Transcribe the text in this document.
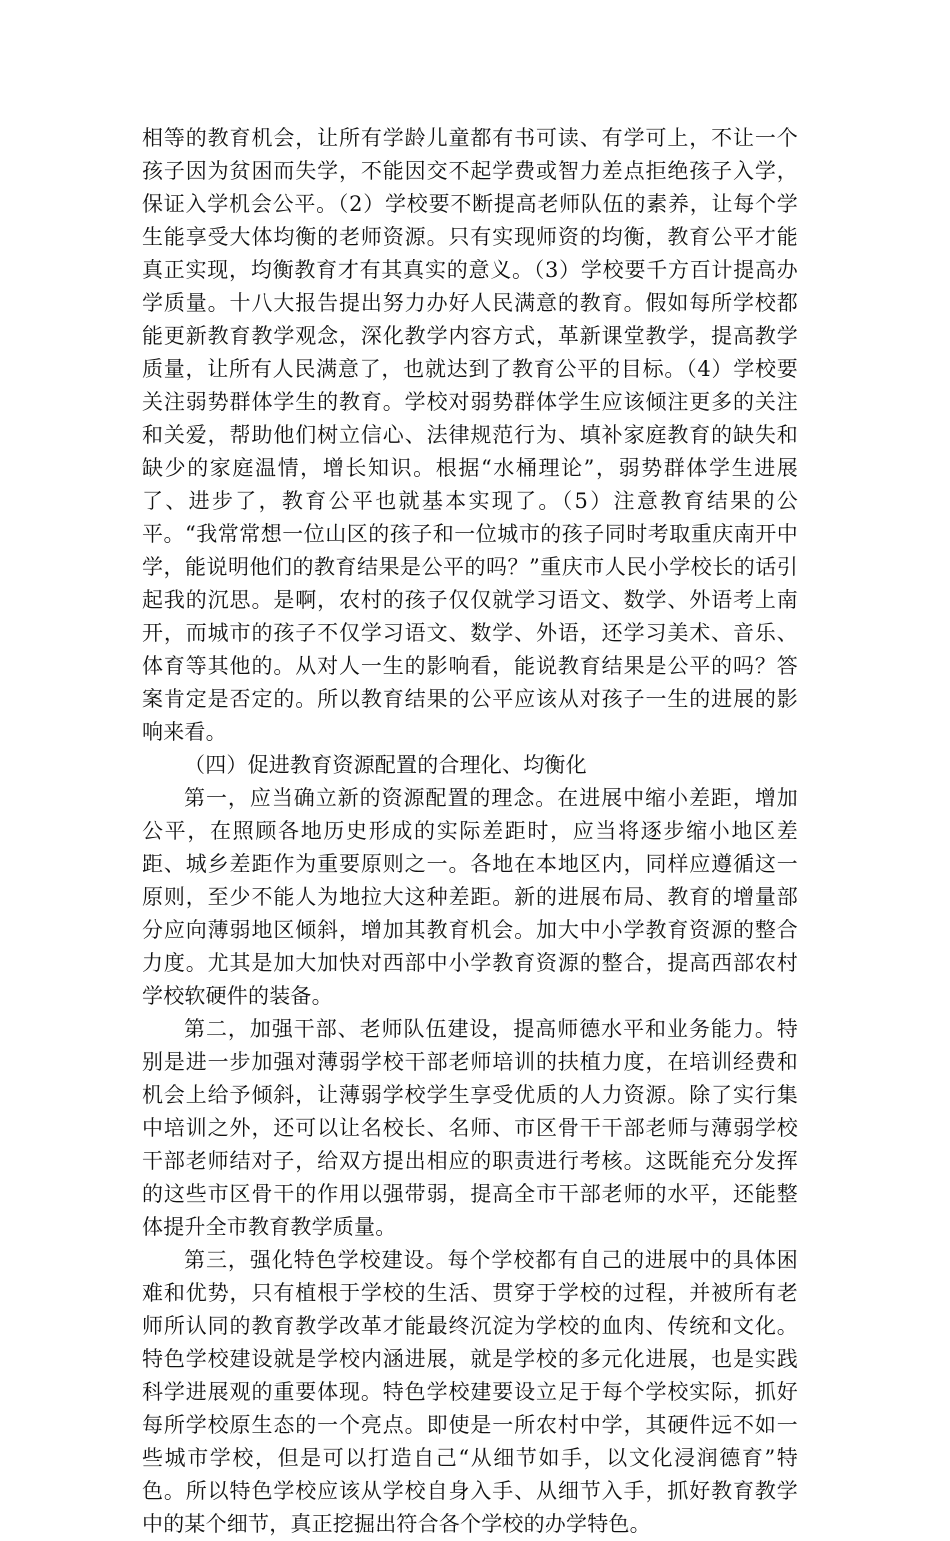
相等的教育机会，让所有学龄儿童都有书可读、有学可上，不让一个孩子因为贫困而失学，不能因交不起学费或智力差点拒绝孩子入学，保证入学机会公平。（2）学校要不断提高老师队伍的素养，让每个学生能享受大体均衡的老师资源。只有实现师资的均衡，教育公平才能真正实现，均衡教育才有其真实的意义。（3）学校要千方百计提高办学质量。十八大报告提出努力办好人民满意的教育。假如每所学校都能更新教育教学观念，深化教学内容方式，革新课堂教学，提高教学质量，让所有人民满意了，也就达到了教育公平的目标。（4）学校要关注弱势群体学生的教育。学校对弱势群体学生应该倾注更多的关注和关爱，帮助他们树立信心、法律规范行为、填补家庭教育的缺失和缺少的家庭温情，增长知识。根据“水桶理论”，弱势群体学生进展了、进步了，教育公平也就基本实现了。（5）注意教育结果的公平。“我常常想一位山区的孩子和一位城市的孩子同时考取重庆南开中学，能说明他们的教育结果是公平的吗？”重庆市人民小学校长的话引起我的沉思。是啊，农村的孩子仅仅就学习语文、数学、外语考上南开，而城市的孩子不仅学习语文、数学、外语，还学习美术、音乐、体育等其他的。从对人一生的影响看，能说教育结果是公平的吗？答案肯定是否定的。所以教育结果的公平应该从对孩子一生的进展的影响来看。

（四）促进教育资源配置的合理化、均衡化

第一，应当确立新的资源配置的理念。在进展中缩小差距，增加公平，在照顾各地历史形成的实际差距时，应当将逐步缩小地区差距、城乡差距作为重要原则之一。各地在本地区内，同样应遵循这一原则，至少不能人为地拉大这种差距。新的进展布局、教育的增量部分应向薄弱地区倾斜，增加其教育机会。加大中小学教育资源的整合力度。尤其是加大加快对西部中小学教育资源的整合，提高西部农村学校软硬件的装备。

第二，加强干部、老师队伍建设，提高师德水平和业务能力。特别是进一步加强对薄弱学校干部老师培训的扶植力度，在培训经费和机会上给予倾斜，让薄弱学校学生享受优质的人力资源。除了实行集中培训之外，还可以让名校长、名师、市区骨干干部老师与薄弱学校干部老师结对子，给双方提出相应的职责进行考核。这既能充分发挥的这些市区骨干的作用以强带弱，提高全市干部老师的水平，还能整体提升全市教育教学质量。

第三，强化特色学校建设。每个学校都有自己的进展中的具体困难和优势，只有植根于学校的生活、贯穿于学校的过程，并被所有老师所认同的教育教学改革才能最终沉淀为学校的血肉、传统和文化。特色学校建设就是学校内涵进展，就是学校的多元化进展，也是实践科学进展观的重要体现。特色学校建要设立足于每个学校实际，抓好每所学校原生态的一个亮点。即使是一所农村中学，其硬件远不如一些城市学校，但是可以打造自己“从细节如手，以文化浸润德育”特色。所以特色学校应该从学校自身入手、从细节入手，抓好教育教学中的某个细节，真正挖掘出符合各个学校的办学特色。
